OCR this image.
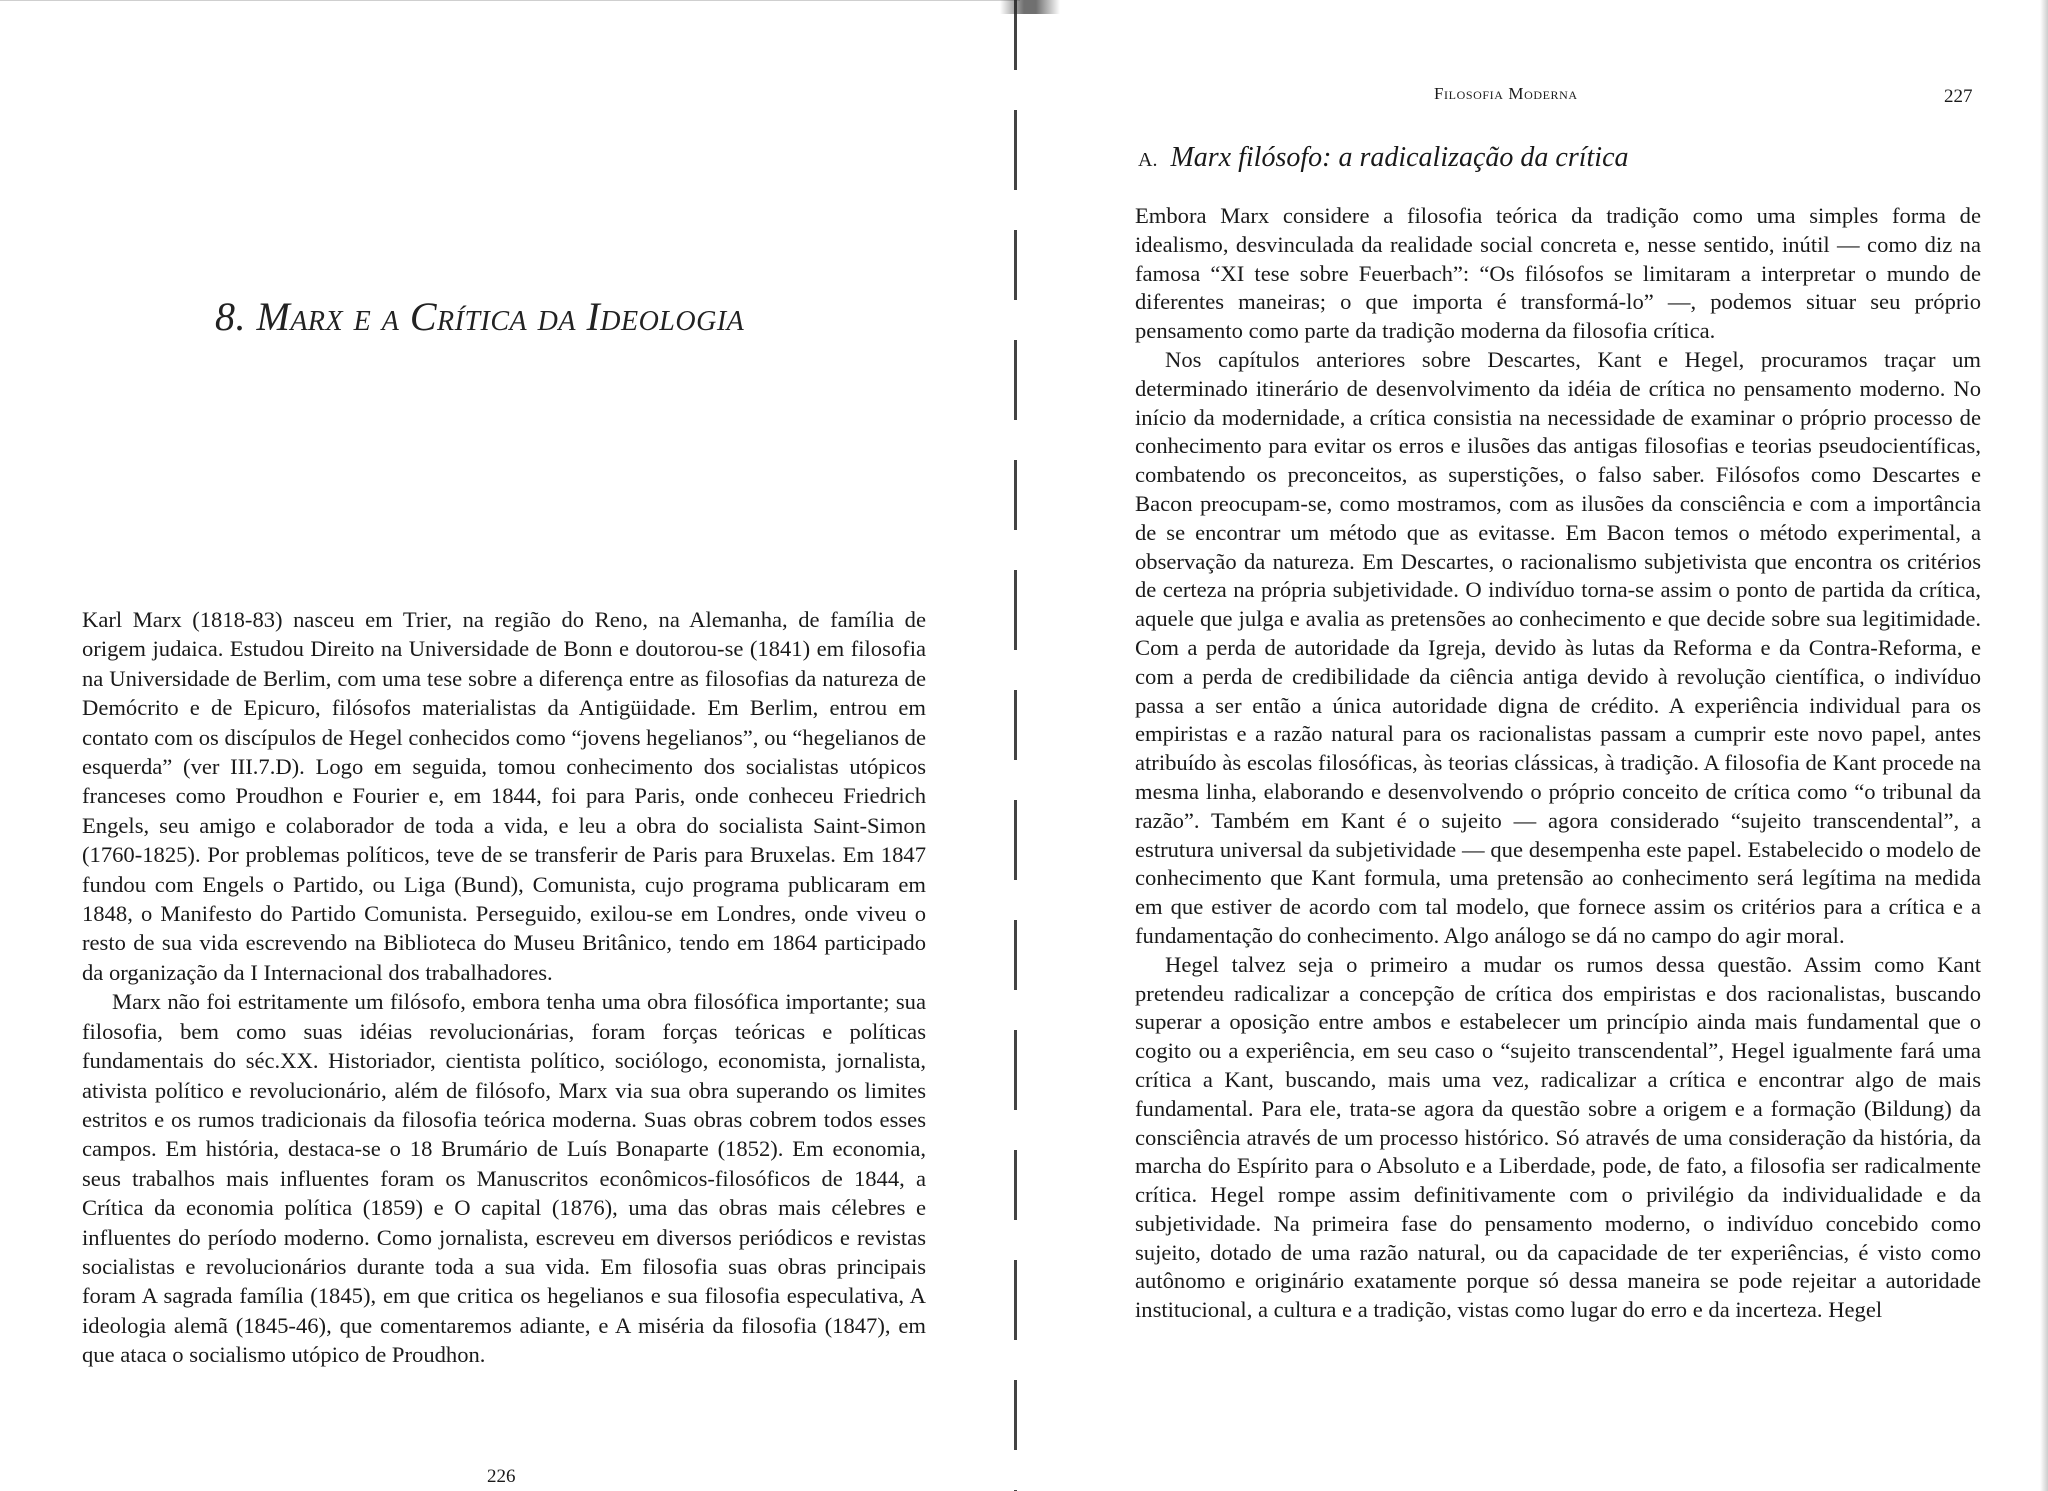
8. Marx e a Crítica da Ideologia

Karl Marx (1818-83) nasceu em Trier, na região do Reno, na Alemanha, de família de origem judaica. Estudou Direito na Universidade de Bonn e doutorou-se (1841) em filosofia na Universidade de Berlim, com uma tese sobre a diferença entre as filosofias da natureza de Demócrito e de Epicuro, filósofos materialistas da Antigüidade. Em Berlim, entrou em contato com os discípulos de Hegel conhecidos como “jovens hegelianos”, ou “hegelianos de esquerda” (ver III.7.D). Logo em seguida, tomou conhecimento dos socialistas utópicos franceses como Proudhon e Fourier e, em 1844, foi para Paris, onde conheceu Friedrich Engels, seu amigo e colaborador de toda a vida, e leu a obra do socialista Saint-Simon (1760-1825). Por problemas políticos, teve de se transferir de Paris para Bruxelas. Em 1847 fundou com Engels o Partido, ou Liga (Bund), Comunista, cujo programa publicaram em 1848, o Manifesto do Partido Comunista. Perseguido, exilou-se em Londres, onde viveu o resto de sua vida escrevendo na Biblioteca do Museu Britânico, tendo em 1864 participado da organização da I Internacional dos trabalhadores.

Marx não foi estritamente um filósofo, embora tenha uma obra filosófica importante; sua filosofia, bem como suas idéias revolucionárias, foram forças teóricas e políticas fundamentais do séc.XX. Historiador, cientista político, sociólogo, economista, jornalista, ativista político e revolucionário, além de filósofo, Marx via sua obra superando os limites estritos e os rumos tradicionais da filosofia teórica moderna. Suas obras cobrem todos esses campos. Em história, destaca-se o 18 Brumário de Luís Bonaparte (1852). Em economia, seus trabalhos mais influentes foram os Manuscritos econômicos-filosóficos de 1844, a Crítica da economia política (1859) e O capital (1876), uma das obras mais célebres e influentes do período moderno. Como jornalista, escreveu em diversos periódicos e revistas socialistas e revolucionários durante toda a sua vida. Em filosofia suas obras principais foram A sagrada família (1845), em que critica os hegelianos e sua filosofia especulativa, A ideologia alemã (1845-46), que comentaremos adiante, e A miséria da filosofia (1847), em que ataca o socialismo utópico de Proudhon.

226
Filosofia Moderna	227
A. Marx filósofo: a radicalização da crítica

Embora Marx considere a filosofia teórica da tradição como uma simples forma de idealismo, desvinculada da realidade social concreta e, nesse sentido, inútil — como diz na famosa “XI tese sobre Feuerbach”: “Os filósofos se limitaram a interpretar o mundo de diferentes maneiras; o que importa é transformá-lo” —, podemos situar seu próprio pensamento como parte da tradição moderna da filosofia crítica.

Nos capítulos anteriores sobre Descartes, Kant e Hegel, procuramos traçar um determinado itinerário de desenvolvimento da idéia de crítica no pensamento moderno. No início da modernidade, a crítica consistia na necessidade de examinar o próprio processo de conhecimento para evitar os erros e ilusões das antigas filosofias e teorias pseudocientíficas, combatendo os preconceitos, as superstições, o falso saber. Filósofos como Descartes e Bacon preocupam-se, como mostramos, com as ilusões da consciência e com a importância de se encontrar um método que as evitasse. Em Bacon temos o método experimental, a observação da natureza. Em Descartes, o racionalismo subjetivista que encontra os critérios de certeza na própria subjetividade. O indivíduo torna-se assim o ponto de partida da crítica, aquele que julga e avalia as pretensões ao conhecimento e que decide sobre sua legitimidade. Com a perda de autoridade da Igreja, devido às lutas da Reforma e da Contra-Reforma, e com a perda de credibilidade da ciência antiga devido à revolução científica, o indivíduo passa a ser então a única autoridade digna de crédito. A experiência individual para os empiristas e a razão natural para os racionalistas passam a cumprir este novo papel, antes atribuído às escolas filosóficas, às teorias clássicas, à tradição. A filosofia de Kant procede na mesma linha, elaborando e desenvolvendo o próprio conceito de crítica como “o tribunal da razão”. Também em Kant é o sujeito — agora considerado “sujeito transcendental”, a estrutura universal da subjetividade — que desempenha este papel. Estabelecido o modelo de conhecimento que Kant formula, uma pretensão ao conhecimento será legítima na medida em que estiver de acordo com tal modelo, que fornece assim os critérios para a crítica e a fundamentação do conhecimento. Algo análogo se dá no campo do agir moral.

Hegel talvez seja o primeiro a mudar os rumos dessa questão. Assim como Kant pretendeu radicalizar a concepção de crítica dos empiristas e dos racionalistas, buscando superar a oposição entre ambos e estabelecer um princípio ainda mais fundamental que o cogito ou a experiência, em seu caso o “sujeito transcendental”, Hegel igualmente fará uma crítica a Kant, buscando, mais uma vez, radicalizar a crítica e encontrar algo de mais fundamental. Para ele, trata-se agora da questão sobre a origem e a formação (Bildung) da consciência através de um processo histórico. Só através de uma consideração da história, da marcha do Espírito para o Absoluto e a Liberdade, pode, de fato, a filosofia ser radicalmente crítica. Hegel rompe assim definitivamente com o privilégio da individualidade e da subjetividade. Na primeira fase do pensamento moderno, o indivíduo concebido como sujeito, dotado de uma razão natural, ou da capacidade de ter experiências, é visto como autônomo e originário exatamente porque só dessa maneira se pode rejeitar a autoridade institucional, a cultura e a tradição, vistas como lugar do erro e da incerteza. Hegel
